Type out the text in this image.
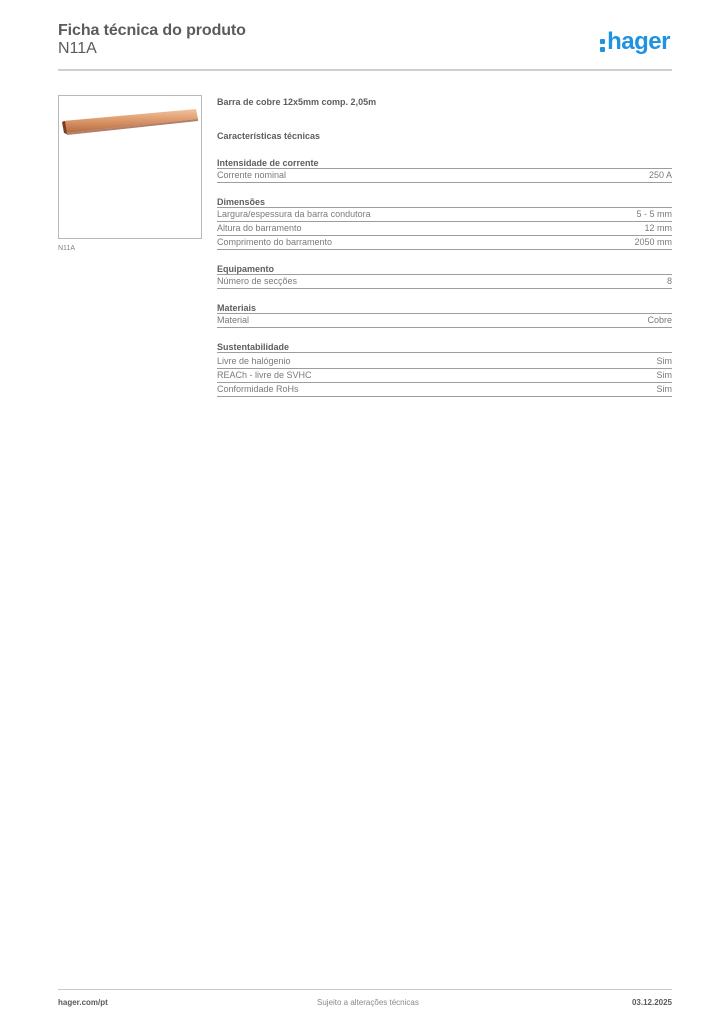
Ficha técnica do produto
N11A	hager
N11A
Barra de cobre 12x5mm comp. 2,05m
Características técnicas
Intensidade de corrente
Corrente nominal	250 A
Dimensões
Largura/espessura da barra condutora	5 - 5 mm
Altura do barramento	12 mm
Comprimento do barramento	2050 mm
Equipamento
Número de secções	8
Materiais
Material	Cobre
Sustentabilidade
Livre de halógenio	Sim
REACh - livre de SVHC	Sim
Conformidade RoHs	Sim
hager.com/pt	Sujeito a alterações técnicas	03.12.2025
